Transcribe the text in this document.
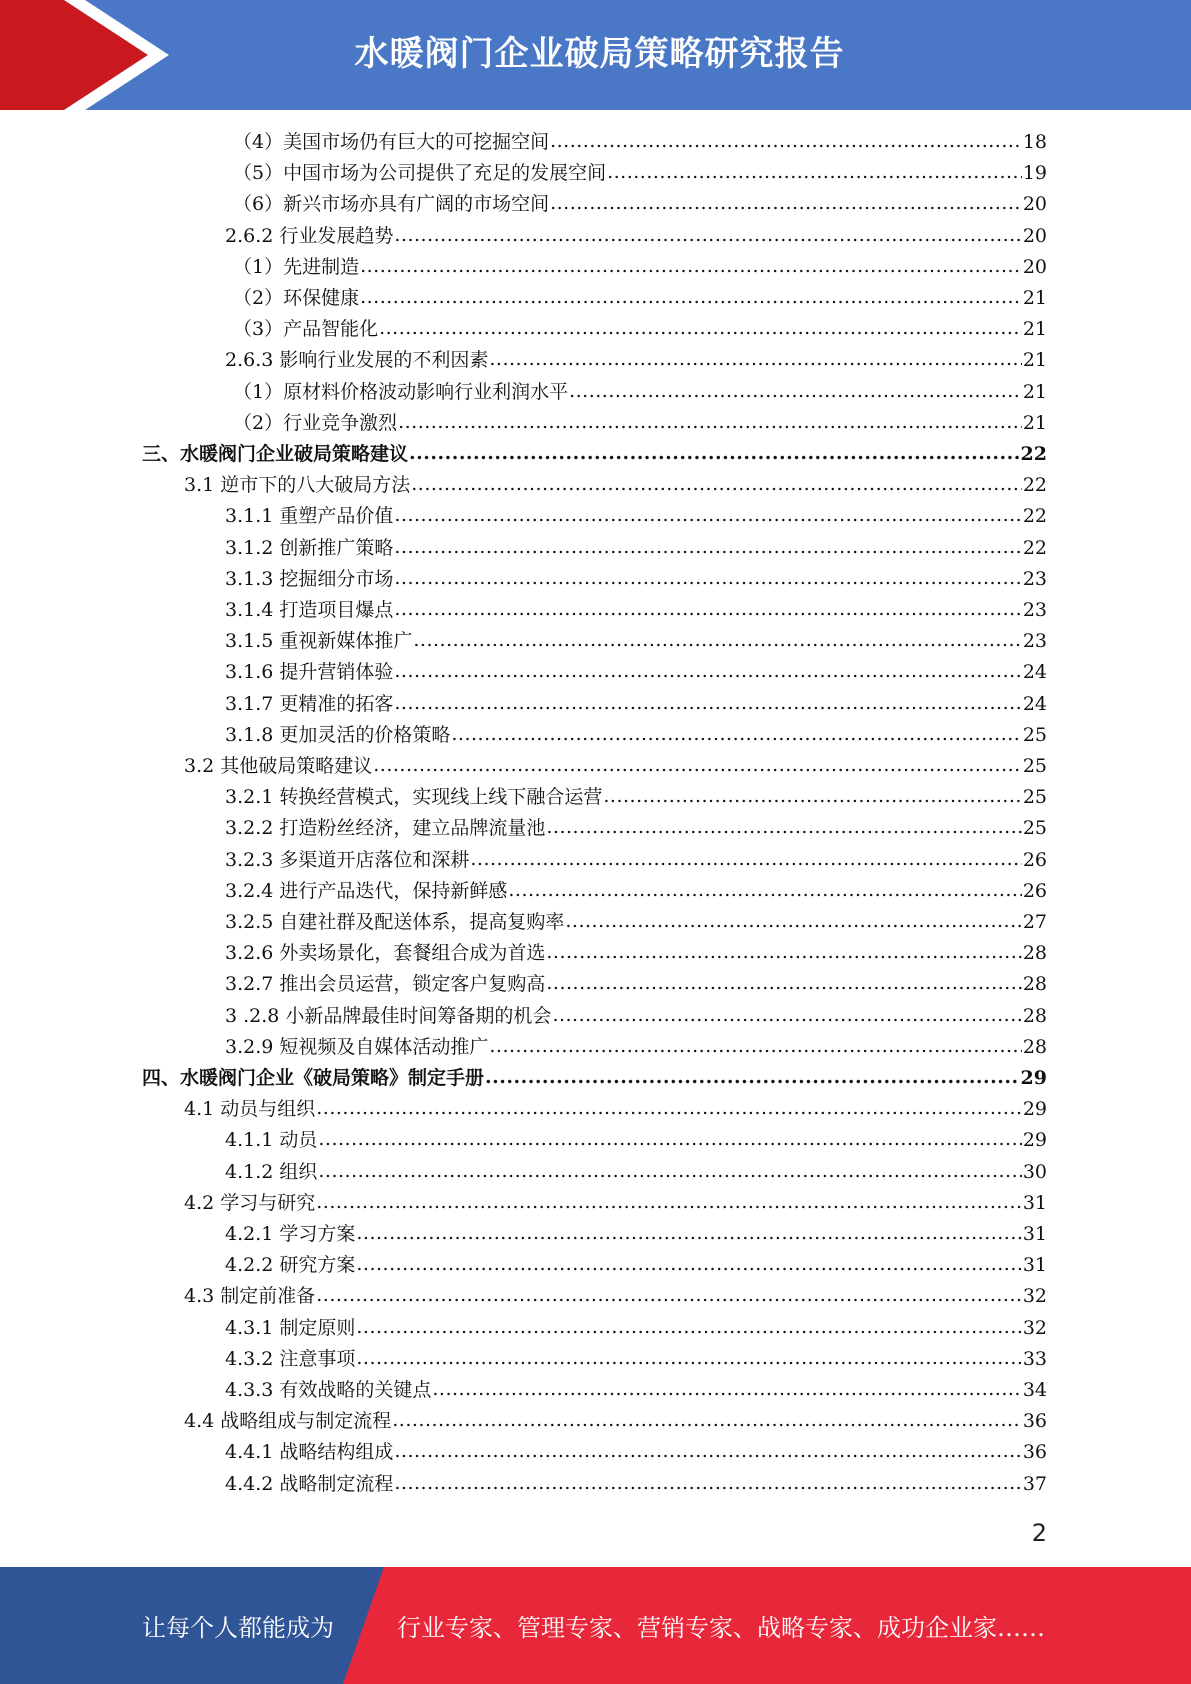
水暖阀门企业破局策略研究报告
（4）美国市场仍有巨大的可挖掘空间 .....	18
（5）中国市场为公司提供了充足的发展空间 .....	19
（6）新兴市场亦具有广阔的市场空间 .....	20
2.6.2 行业发展趋势 .....	20
（1）先进制造 .....	20
（2）环保健康 .....	21
（3）产品智能化 .....	21
2.6.3 影响行业发展的不利因素 .....	21
（1）原材料价格波动影响行业利润水平 .....	21
（2）行业竞争激烈 .....	21
三、水暖阀门企业破局策略建议 .....	22
3.1 逆市下的八大破局方法 .....	22
3.1.1 重塑产品价值 .....	22
3.1.2 创新推广策略 .....	22
3.1.3 挖掘细分市场 .....	23
3.1.4 打造项目爆点 .....	23
3.1.5 重视新媒体推广 .....	23
3.1.6 提升营销体验 .....	24
3.1.7 更精准的拓客 .....	24
3.1.8 更加灵活的价格策略 .....	25
3.2 其他破局策略建议 .....	25
3.2.1 转换经营模式，实现线上线下融合运营 .....	25
3.2.2 打造粉丝经济，建立品牌流量池 .....	25
3.2.3 多渠道开店落位和深耕 .....	26
3.2.4 进行产品迭代，保持新鲜感 .....	26
3.2.5 自建社群及配送体系，提高复购率 .....	27
3.2.6 外卖场景化，套餐组合成为首选 .....	28
3.2.7 推出会员运营，锁定客户复购高 .....	28
3 .2.8 小新品牌最佳时间筹备期的机会 .....	28
3.2.9 短视频及自媒体活动推广 .....	28
四、水暖阀门企业《破局策略》制定手册 .....	29
4.1 动员与组织 .....	29
4.1.1 动员 .....	29
4.1.2 组织 .....	30
4.2 学习与研究 .....	31
4.2.1 学习方案 .....	31
4.2.2 研究方案 .....	31
4.3 制定前准备 .....	32
4.3.1 制定原则 .....	32
4.3.2 注意事项 .....	33
4.3.3 有效战略的关键点 .....	34
4.4 战略组成与制定流程 .....	36
4.4.1 战略结构组成 .....	36
4.4.2 战略制定流程 .....	37
2
让每个人都能成为	行业专家、管理专家、营销专家、战略专家、成功企业家……
